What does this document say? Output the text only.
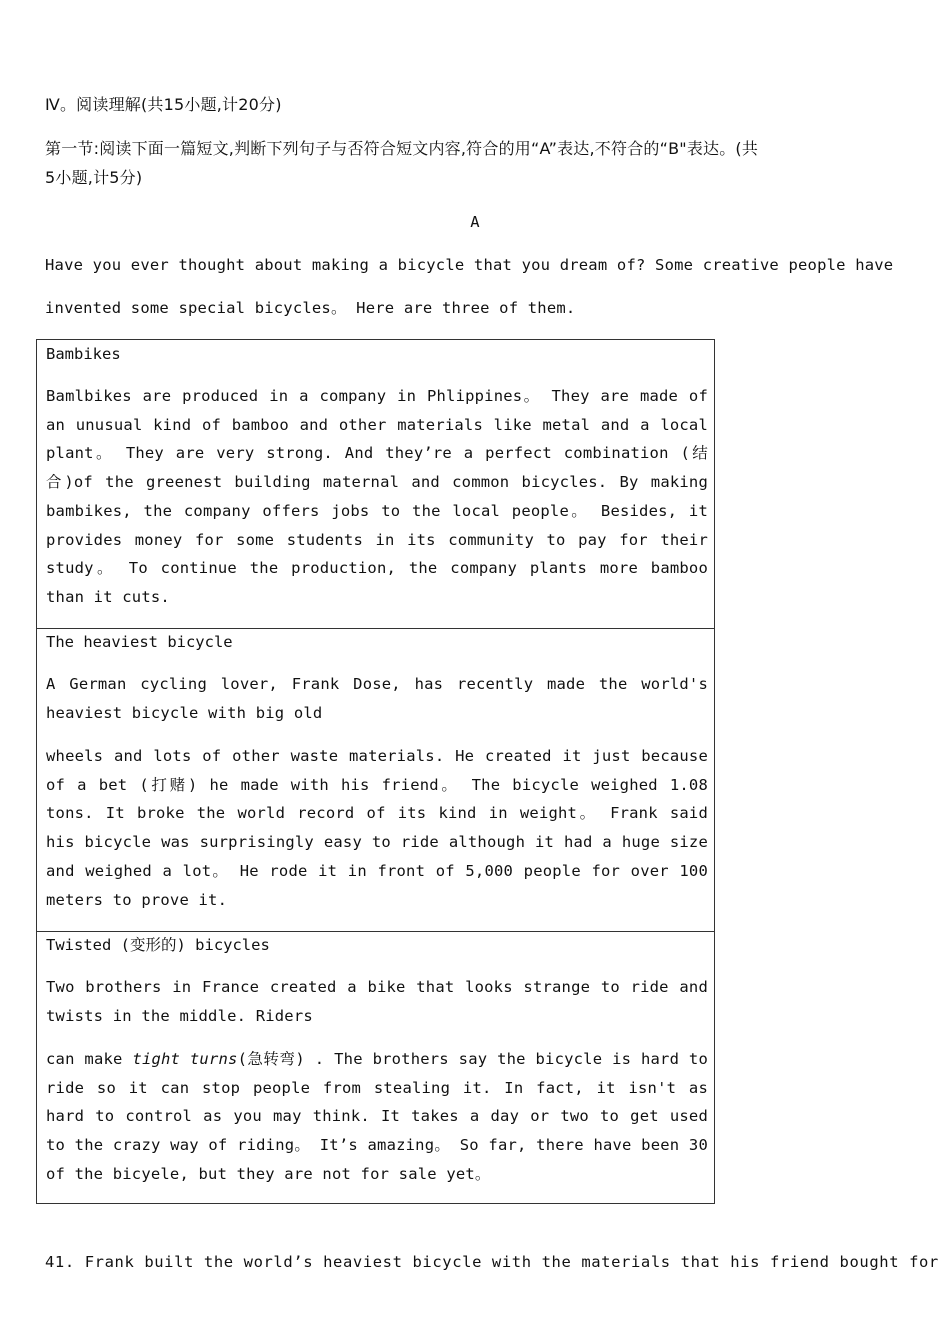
Ⅳ。阅读理解(共15小题,计20分)
第一节:阅读下面一篇短文,判断下列句子与否符合短文内容,符合的用“A”表达,不符合的“B"表达。(共
5小题,计5分)
A
Have you ever thought about making a bicycle that you dream of? Some creative people have
invented some special bicycles。 Here are three of them.
Bambikes
Bamlbikes are produced in a company in Phlippines。 They are made of an unusual kind of bamboo and other materials like metal and a local plant。 They are very strong. And they’re a perfect combination (结合)of the greenest building maternal and common bicycles. By making bambikes, the company offers jobs to the local people。 Besides, it provides money for some students in its community to pay for their study。 To continue the production, the company plants more bamboo than it cuts.
The heaviest bicycle
A German cycling lover, Frank Dose, has recently made the world's heaviest bicycle with big old
wheels and lots of other waste materials. He created it just because of a bet (打赌) he made with his friend。 The bicycle weighed 1.08 tons. It broke the world record of its kind in weight。 Frank said his bicycle was surprisingly easy to ride although it had a huge size and weighed a lot。 He rode it in front of 5,000 people for over 100 meters to prove it.
Twisted (变形的) bicycles
Two brothers in France created a bike that looks strange to ride and twists in the middle. Riders
can make tight turns(急转弯) . The brothers say the bicycle is hard to ride so it can stop people from stealing it. In fact, it isn't as hard to control as you may think. It takes a day or two to get used to the crazy way of riding。 It’s amazing。 So far, there have been 30 of the bicyele, but they are not for sale yet。
41. Frank built the world’s heaviest bicycle with the materials that his friend bought for
